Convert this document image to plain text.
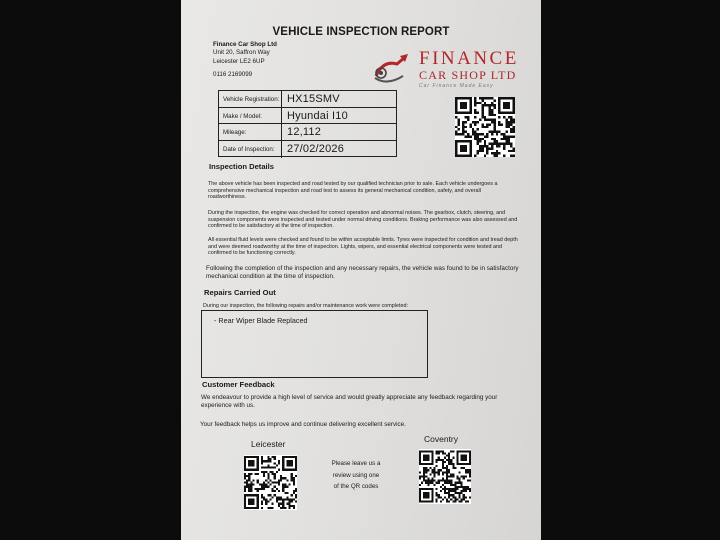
VEHICLE INSPECTION REPORT
Finance Car Shop Ltd
Unit 20, Saffron Way
Leicester LE2 6UP
0116 2169099
FINANCE
CAR SHOP LTD
Car Finance Made Easy
Vehicle Registration: HX15SMV
Make / Model:	Hyundai I10
Mileage:	12,112
Date of Inspection:	27/02/2026
Inspection Details
The above vehicle has been inspected and road tested by our qualified technician prior to sale. Each vehicle undergoes a comprehensive mechanical inspection and road test to assess its general mechanical condition, safety, and overall roadworthiness.
During the inspection, the engine was checked for correct operation and abnormal noises. The gearbox, clutch, steering, and suspension components were inspected and tested under normal driving conditions. Braking performance was also assessed and confirmed to be satisfactory at the time of inspection.
All essential fluid levels were checked and found to be within acceptable limits. Tyres were inspected for condition and tread depth and were deemed roadworthy at the time of inspection. Lights, wipers, and essential electrical components were tested and confirmed to be functioning correctly.
Following the completion of the inspection and any necessary repairs, the vehicle was found to be in satisfactory mechanical condition at the time of inspection.
Repairs Carried Out
During our inspection, the following repairs and/or maintenance work were completed:
- Rear Wiper Blade Replaced
Customer Feedback
We endeavour to provide a high level of service and would greatly appreciate any feedback regarding your experience with us.
Your feedback helps us improve and continue delivering excellent service.
Leicester
Please leave us a
review using one
of the QR codes
Coventry
